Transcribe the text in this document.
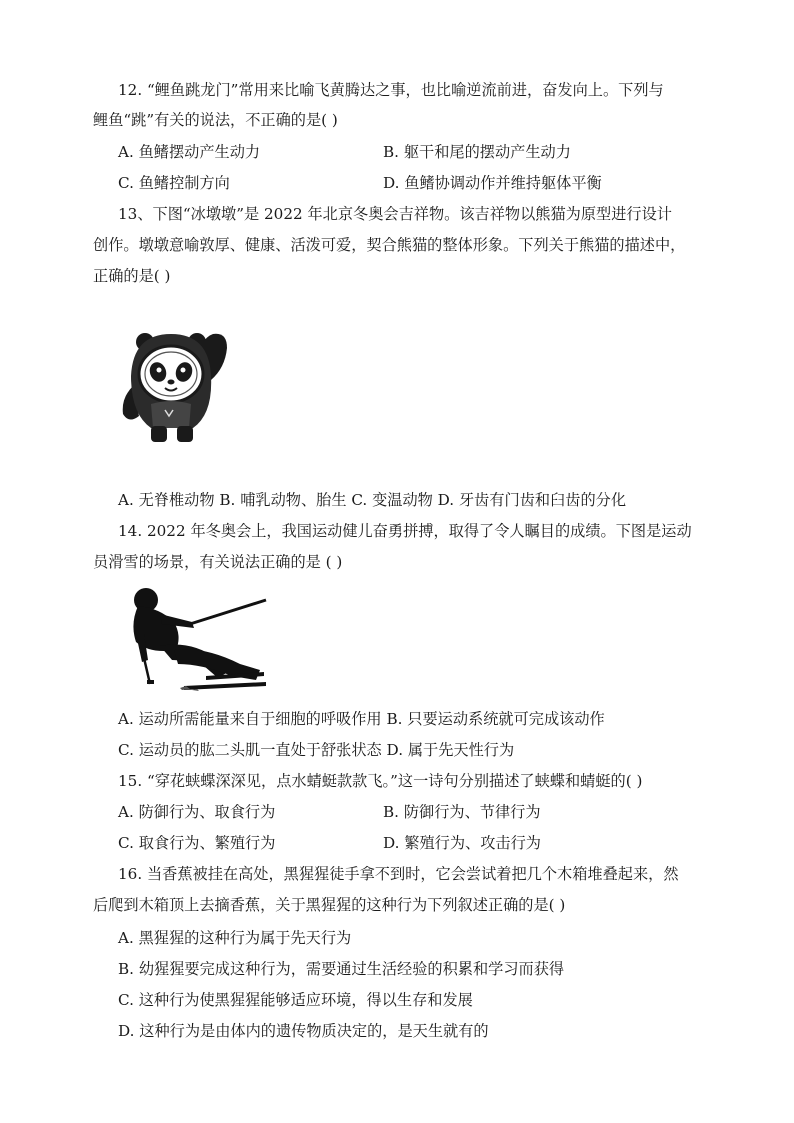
12. “鲤鱼跳龙门”常用来比喻飞黄腾达之事，也比喻逆流前进，奋发向上。下列与
鲤鱼“跳”有关的说法，不正确的是( )
A. 鱼鳍摆动产生动力	B. 躯干和尾的摆动产生动力
C. 鱼鳍控制方向	D. 鱼鳍协调动作并维持躯体平衡
13、下图“冰墩墩”是 2022 年北京冬奥会吉祥物。该吉祥物以熊猫为原型进行设计
创作。墩墩意喻敦厚、健康、活泼可爱，契合熊猫的整体形象。下列关于熊猫的描述中，
正确的是( )
A. 无脊椎动物 B. 哺乳动物、胎生 C. 变温动物 D. 牙齿有门齿和臼齿的分化
14. 2022 年冬奥会上，我国运动健儿奋勇拼搏，取得了令人瞩目的成绩。下图是运动
员滑雪的场景，有关说法正确的是 ( )
A. 运动所需能量来自于细胞的呼吸作用 B. 只要运动系统就可完成该动作
C. 运动员的肱二头肌一直处于舒张状态 D. 属于先天性行为
15. “穿花蛱蝶深深见，点水蜻蜓款款飞。”这一诗句分别描述了蛱蝶和蜻蜓的( )
A. 防御行为、取食行为	B. 防御行为、节律行为
C. 取食行为、繁殖行为	D. 繁殖行为、攻击行为
16. 当香蕉被挂在高处，黑猩猩徒手拿不到时，它会尝试着把几个木箱堆叠起来，然
后爬到木箱顶上去摘香蕉，关于黑猩猩的这种行为下列叙述正确的是( )
A. 黑猩猩的这种行为属于先天行为
B. 幼猩猩要完成这种行为，需要通过生活经验的积累和学习而获得
C. 这种行为使黑猩猩能够适应环境，得以生存和发展
D. 这种行为是由体内的遗传物质决定的，是天生就有的
